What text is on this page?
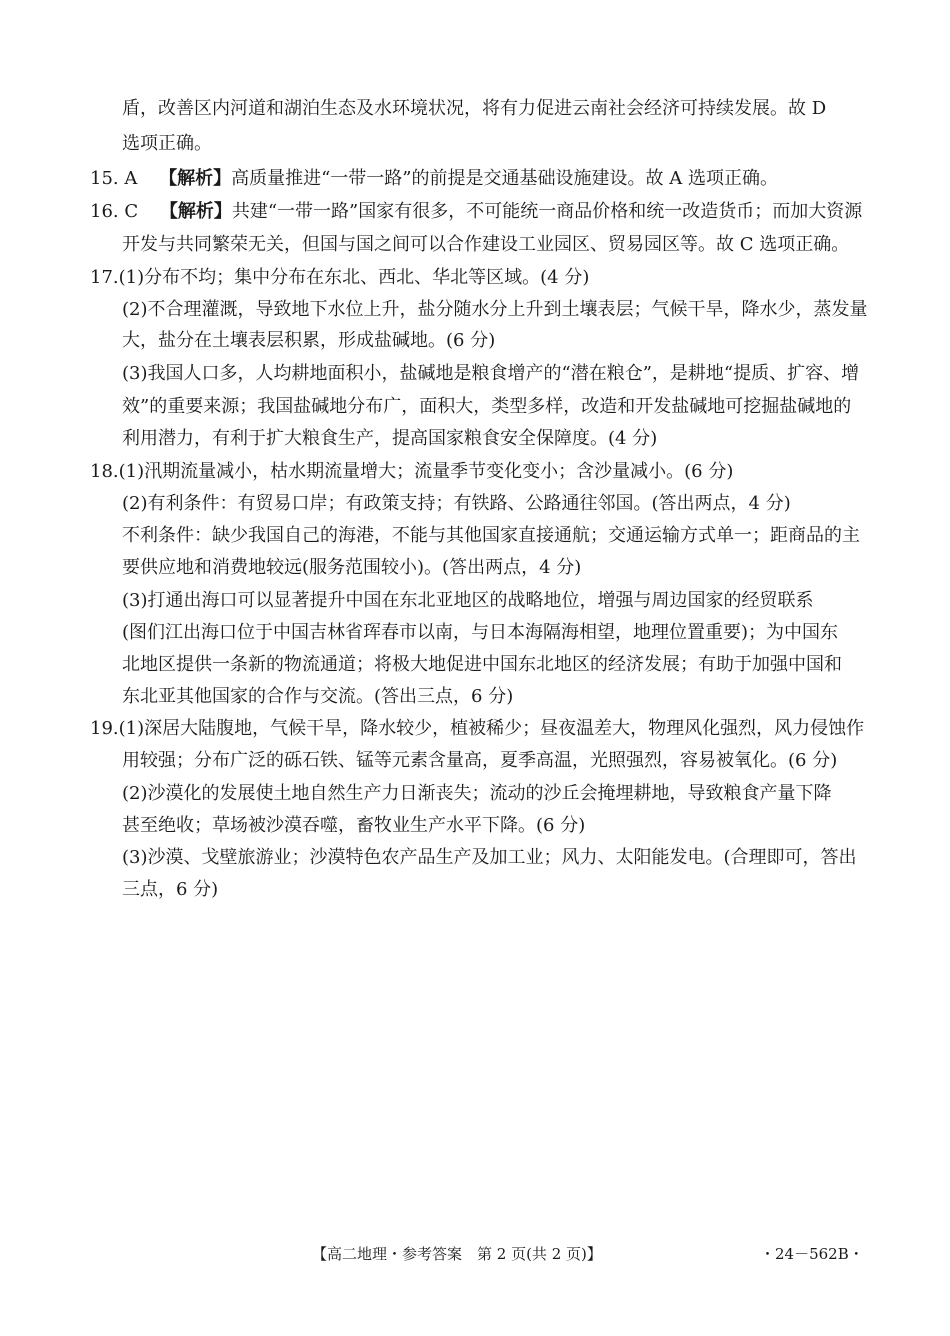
盾，改善区内河道和湖泊生态及水环境状况，将有力促进云南社会经济可持续发展。故 D
选项正确。
15. A 【解析】高质量推进“一带一路”的前提是交通基础设施建设。故 A 选项正确。
16. C 【解析】共建“一带一路”国家有很多，不可能统一商品价格和统一改造货币；而加大资源
开发与共同繁荣无关，但国与国之间可以合作建设工业园区、贸易园区等。故 C 选项正确。
17.(1)分布不均；集中分布在东北、西北、华北等区域。(4 分)
(2)不合理灌溉，导致地下水位上升，盐分随水分上升到土壤表层；气候干旱，降水少，蒸发量
大，盐分在土壤表层积累，形成盐碱地。(6 分)
(3)我国人口多，人均耕地面积小，盐碱地是粮食增产的“潜在粮仓”，是耕地“提质、扩容、增
效”的重要来源；我国盐碱地分布广，面积大，类型多样，改造和开发盐碱地可挖掘盐碱地的
利用潜力，有利于扩大粮食生产，提高国家粮食安全保障度。(4 分)
18.(1)汛期流量减小，枯水期流量增大；流量季节变化变小；含沙量减小。(6 分)
(2)有利条件：有贸易口岸；有政策支持；有铁路、公路通往邻国。(答出两点，4 分)
不利条件：缺少我国自己的海港，不能与其他国家直接通航；交通运输方式单一；距商品的主
要供应地和消费地较远(服务范围较小)。(答出两点，4 分)
(3)打通出海口可以显著提升中国在东北亚地区的战略地位，增强与周边国家的经贸联系
(图们江出海口位于中国吉林省珲春市以南，与日本海隔海相望，地理位置重要)；为中国东
北地区提供一条新的物流通道；将极大地促进中国东北地区的经济发展；有助于加强中国和
东北亚其他国家的合作与交流。(答出三点，6 分)
19.(1)深居大陆腹地，气候干旱，降水较少，植被稀少；昼夜温差大，物理风化强烈，风力侵蚀作
用较强；分布广泛的砾石铁、锰等元素含量高，夏季高温，光照强烈，容易被氧化。(6 分)
(2)沙漠化的发展使土地自然生产力日渐丧失；流动的沙丘会掩埋耕地，导致粮食产量下降
甚至绝收；草场被沙漠吞噬，畜牧业生产水平下降。(6 分)
(3)沙漠、戈壁旅游业；沙漠特色农产品生产及加工业；风力、太阳能发电。(合理即可，答出
三点，6 分)
【高二地理・参考答案　第 2 页(共 2 页)】	・24－562B・
